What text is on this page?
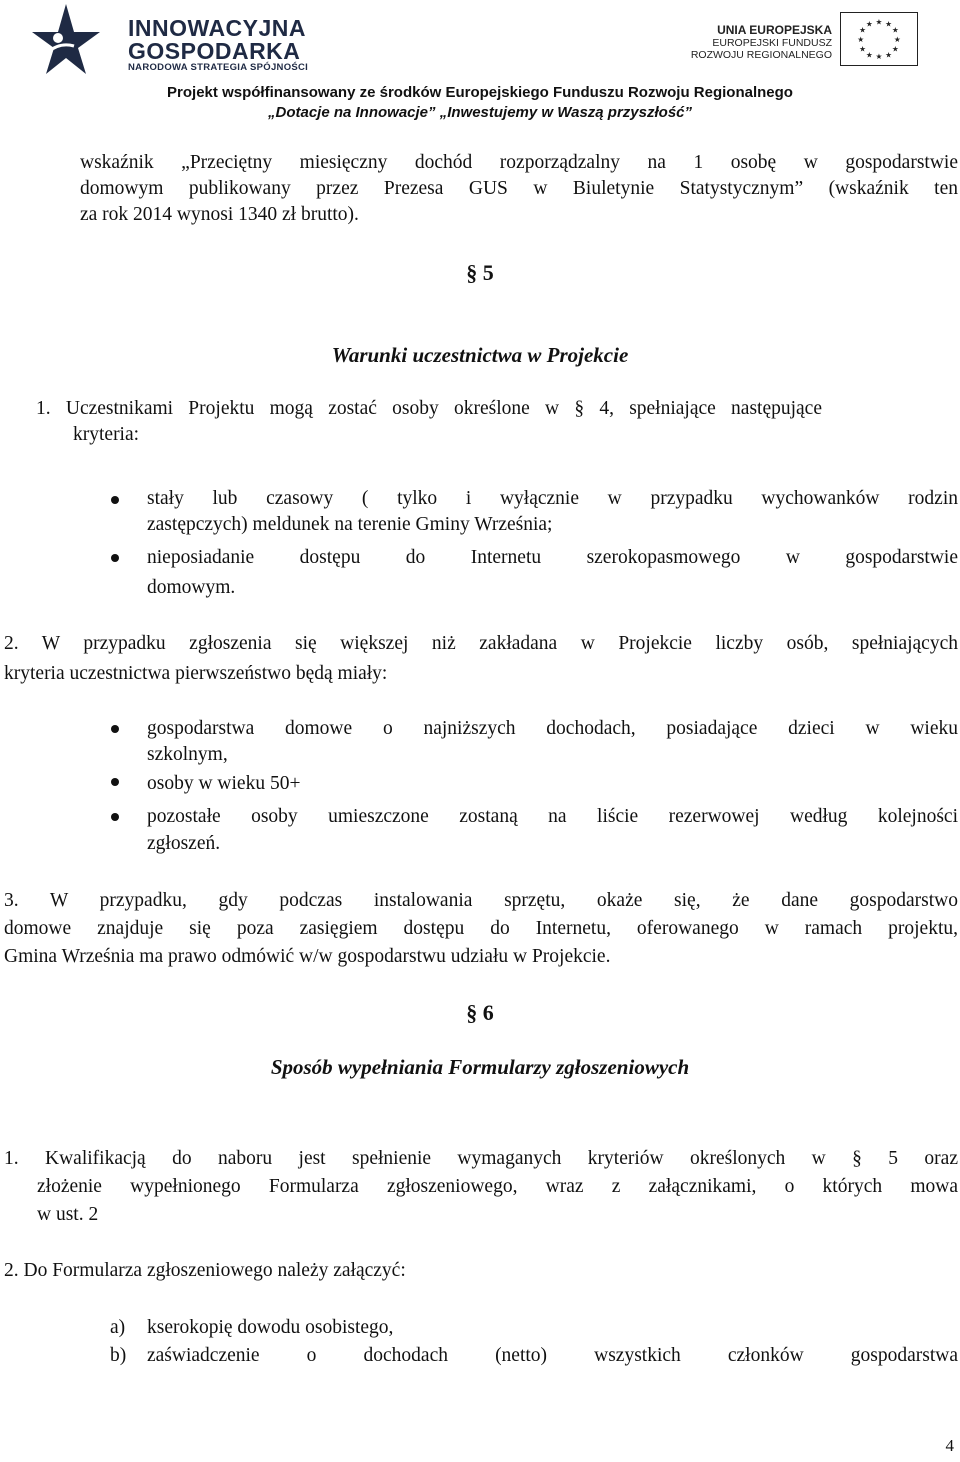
INNOWACYJNA
GOSPODARKA
NARODOWA STRATEGIA SPÓJNOŚCI
UNIA EUROPEJSKA
EUROPEJSKI FUNDUSZ
ROZWOJU REGIONALNEGO
★ ★
★
★
★
★
★
★
★
★
★
★
Projekt współfinansowany ze środków Europejskiego Funduszu Rozwoju Regionalnego
„Dotacje na Innowacje” „Inwestujemy w Waszą przyszłość”
wskaźnik „Przeciętny miesięczny dochód rozporządzalny na 1 osobę w gospodarstwie
domowym publikowany przez Prezesa GUS w Biuletynie Statystycznym” (wskaźnik ten
za rok 2014 wynosi 1340 zł brutto).
§ 5
Warunki uczestnictwa w Projekcie
1. Uczestnikami Projektu mogą zostać osoby określone w § 4, spełniające następujące
kryteria:
stały lub czasowy ( tylko i wyłącznie w przypadku wychowanków rodzin
zastępczych) meldunek na terenie Gminy Września;
nieposiadanie dostępu do Internetu szerokopasmowego w gospodarstwie
domowym.
2. W przypadku zgłoszenia się większej niż zakładana w Projekcie liczby osób, spełniających
kryteria uczestnictwa pierwszeństwo będą miały:
gospodarstwa domowe o najniższych dochodach, posiadające dzieci w wieku
szkolnym,
osoby w wieku 50+
pozostałe osoby umieszczone zostaną na liście rezerwowej według kolejności
zgłoszeń.
3. W przypadku, gdy podczas instalowania sprzętu, okaże się, że dane gospodarstwo
domowe znajduje się poza zasięgiem dostępu do Internetu, oferowanego w ramach projektu,
Gmina Września ma prawo odmówić w/w gospodarstwu udziału w Projekcie.
§ 6
Sposób wypełniania Formularzy zgłoszeniowych
1. Kwalifikacją do naboru jest spełnienie wymaganych kryteriów określonych w § 5 oraz
złożenie wypełnionego Formularza zgłoszeniowego, wraz z załącznikami, o których mowa
w ust. 2
2. Do Formularza zgłoszeniowego należy załączyć:
a) kserokopię dowodu osobistego,
b) zaświadczenie o dochodach (netto) wszystkich członków gospodarstwa
4
